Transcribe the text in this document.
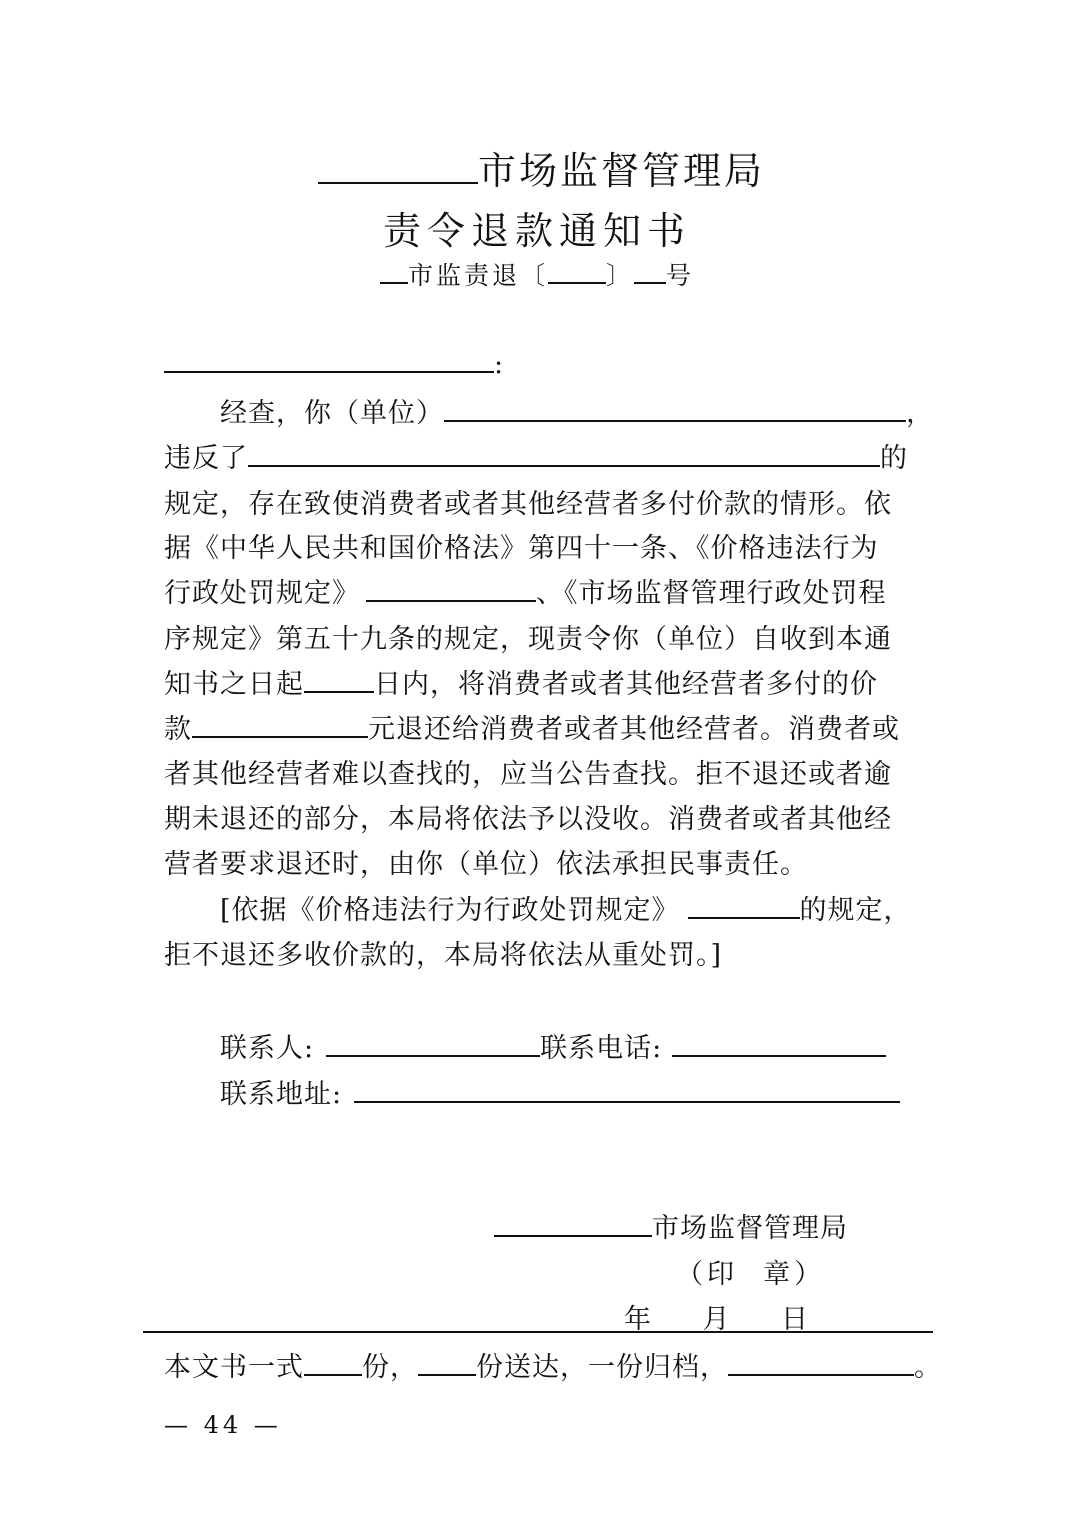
市场监督管理局
责令退款通知书
市监责退〔 〕 号
:
经查，你（单位）	，
违反了	的
规定，存在致使消费者或者其他经营者多付价款的情形。依
据《中华人民共和国价格法》第四十一条、《价格违法行为
行政处罚规定》	、《市场监督管理行政处罚程
序规定》第五十九条的规定，现责令你（单位）自收到本通
知书之日起	日内，将消费者或者其他经营者多付的价
款	元退还给消费者或者其他经营者。消费者或
者其他经营者难以查找的，应当公告查找。拒不退还或者逾
期未退还的部分，本局将依法予以没收。消费者或者其他经
营者要求退还时，由你（单位）依法承担民事责任。
[依据《价格违法行为行政处罚规定》	的规定，
拒不退还多收价款的，本局将依法从重处罚。]
联系人:	联系电话:
联系地址:
市场监督管理局
（印  章）
年      月      日
本文书一式 份， 份送达，一份归档，	。
— 44 —
